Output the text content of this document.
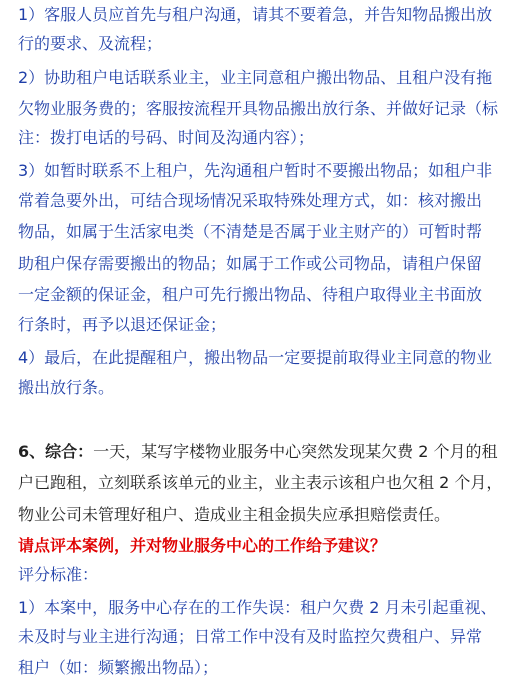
1）客服人员应首先与租户沟通，请其不要着急，并告知物品搬出放
行的要求、及流程；
2）协助租户电话联系业主，业主同意租户搬出物品、且租户没有拖
欠物业服务费的；客服按流程开具物品搬出放行条、并做好记录（标
注：拨打电话的号码、时间及沟通内容）；
3）如暂时联系不上租户，先沟通租户暂时不要搬出物品；如租户非
常着急要外出，可结合现场情况采取特殊处理方式，如：核对搬出
物品，如属于生活家电类（不清楚是否属于业主财产的）可暂时帮
助租户保存需要搬出的物品；如属于工作或公司物品，请租户保留
一定金额的保证金，租户可先行搬出物品、待租户取得业主书面放
行条时，再予以退还保证金；
4）最后，在此提醒租户，搬出物品一定要提前取得业主同意的物业
搬出放行条。
6、综合：一天，某写字楼物业服务中心突然发现某欠费 2 个月的租
户已跑租，立刻联系该单元的业主，业主表示该租户也欠租 2 个月，
物业公司未管理好租户、造成业主租金损失应承担赔偿责任。
请点评本案例，并对物业服务中心的工作给予建议？
评分标准：
1）本案中，服务中心存在的工作失误：租户欠费 2 月未引起重视、
未及时与业主进行沟通；日常工作中没有及时监控欠费租户、异常
租户（如：频繁搬出物品）；
